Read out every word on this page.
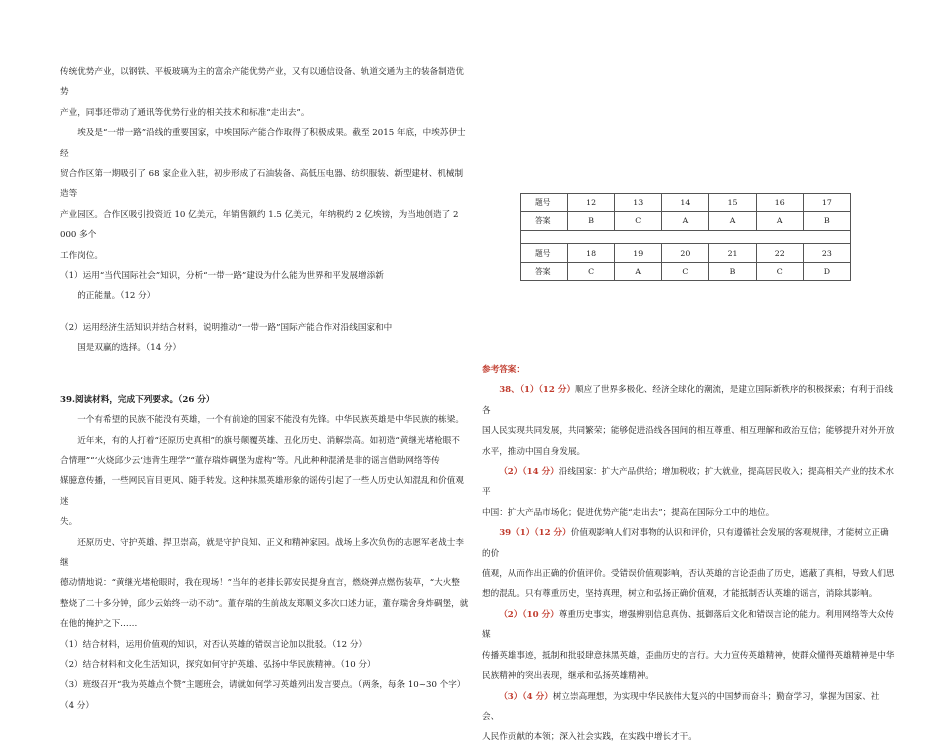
传统优势产业，以钢铁、平板玻璃为主的富余产能优势产业，又有以通信设备、轨道交通为主的装备制造优势

产业，同事还带动了通讯等优势行业的相关技术和标准“走出去”。

埃及是“一带一路”沿线的重要国家，中埃国际产能合作取得了积极成果。截至 2015 年底，中埃苏伊士经

贸合作区第一期吸引了 68 家企业入驻，初步形成了石油装备、高低压电器、纺织服装、新型建材、机械制造等

产业园区。合作区吸引投资近 10 亿美元，年销售额约 1.5 亿美元，年纳税约 2 亿埃镑，为当地创造了 2 000 多个

工作岗位。

（1）运用“当代国际社会”知识，分析“一带一路”建设为什么能为世界和平发展增添新

的正能量。（12 分）

（2）运用经济生活知识并结合材料，说明推动“一带一路”国际产能合作对沿线国家和中

国是双赢的选择。（14 分）

39.阅读材料，完成下列要求。（26 分）

一个有希望的民族不能没有英雄，一个有前途的国家不能没有先锋。中华民族英雄是中华民族的栋梁。

近年来，有的人打着“还原历史真相”的旗号颠覆英雄、丑化历史、消解崇高。如初造“黄继光堵枪眼不

合情理”“‘火烧邱少云’违背生理学”“董存瑞炸碉堡为虚构”等。凡此种种混淆是非的谣言借助网络等传

媒臆意传播，一些网民盲目更风、随手转发。这种抹黑英雄形象的谣传引起了一些人历史认知混乱和价值观迷

失。

还原历史、守护英雄、捍卫崇高，就是守护良知、正义和精神家园。战场上多次负伤的志愿军老战士李继

德动情地说：“黄继光堵枪眼时，我在现场！”当年的老排长郭安民提身直言，燃烧弹点燃伤装草，“大火整

整烧了二十多分钟，邱少云始终一动不动”。董存瑞的生前战友郑顺义多次口述力证，董存瑞舍身炸碉堡，就

在他的掩护之下……

（1）结合材料，运用价值观的知识，对否认英雄的错误言论加以批驳。（12 分）

（2）结合材料和文化生活知识，探究如何守护英雄、弘扬中华民族精神。（10 分）

（3）班级召开“我为英雄点个赞”主题班会，请就如何学习英雄列出发言要点。（两条，每条 10~30 个字）

（4 分）

题号	12	13	14	15	16	17
答案	B	C	A	A	A	B

题号	18	19	20	21	22	23
答案	C	A	C	B	C	D

参考答案：

38、（1）（12 分）顺应了世界多极化、经济全球化的潮流，是建立国际新秩序的积极探索；有利于沿线各

国人民实现共同发展，共同繁荣；能够促进沿线各国间的相互尊重、相互理解和政治互信；能够提升对外开放

水平，推动中国自身发展。

（2）（14 分）沿线国家：扩大产品供给；增加税收；扩大就业，提高居民收入；提高相关产业的技术水平

中国：扩大产品市场化；促进优势产能“走出去”；提高在国际分工中的地位。

39（1）（12 分）价值观影响人们对事物的认识和评价，只有遵循社会发展的客观规律，才能树立正确的价

值观，从而作出正确的价值评价。受错误价值观影响，否认英雄的言论歪曲了历史，遮蔽了真相，导致人们思

想的混乱。只有尊重历史，坚持真理，树立和弘扬正确价值观，才能抵制否认英雄的谣言，消除其影响。

（2）（10 分）尊重历史事实，增强辨别信息真伪、抵御落后文化和错误言论的能力。利用网络等大众传媒

传播英雄事迹，抵制和批驳肆意抹黑英雄，歪曲历史的言行。大力宣传英雄精神，使群众懂得英雄精神是中华

民族精神的突出表现，继承和弘扬英雄精神。

（3）（4 分）树立崇高理想，为实现中华民族伟大复兴的中国梦而奋斗；勤奋学习，掌握为国家、社会、

人民作贡献的本领；深入社会实践，在实践中增长才干。
